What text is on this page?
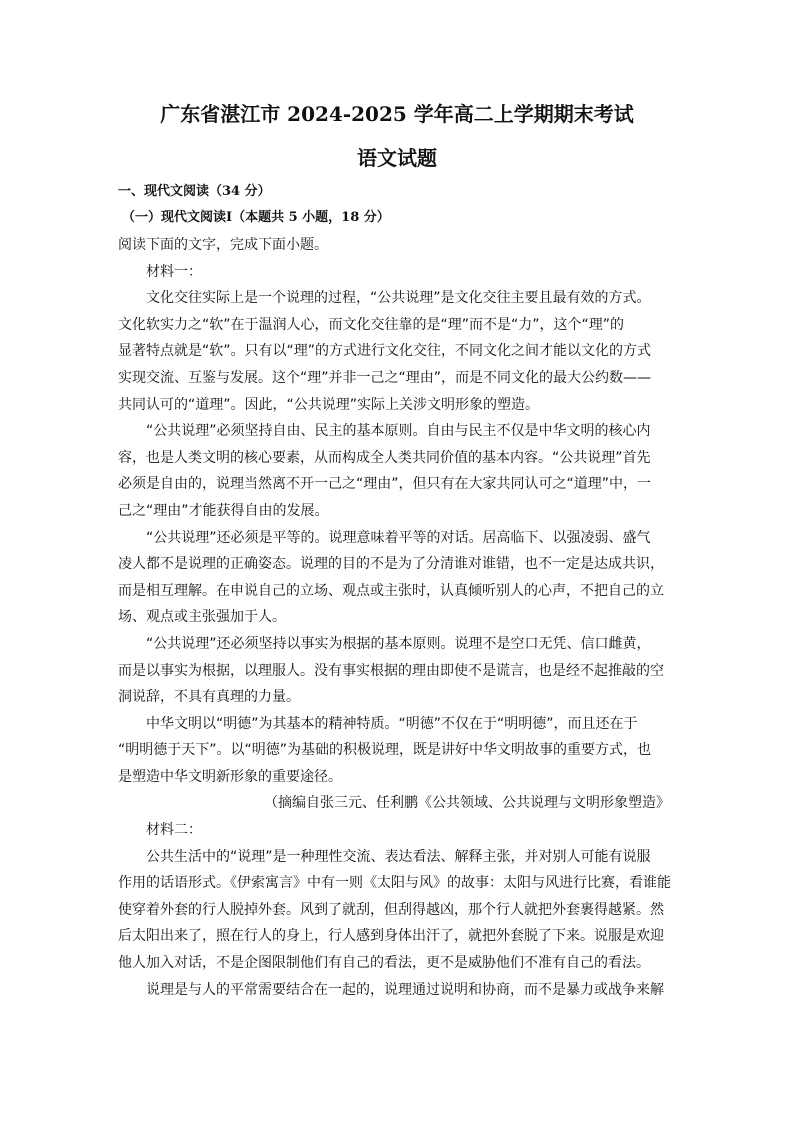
广东省湛江市 2024-2025 学年高二上学期期末考试
语文试题
一、现代文阅读（34 分）
（一）现代文阅读Ⅰ（本题共 5 小题，18 分）
阅读下面的文字，完成下面小题。
材料一：
文化交往实际上是一个说理的过程，“公共说理”是文化交往主要且最有效的方式。
文化软实力之“软”在于温润人心，而文化交往靠的是“理”而不是“力”，这个“理”的
显著特点就是“软”。只有以“理”的方式进行文化交往，不同文化之间才能以文化的方式
实现交流、互鉴与发展。这个“理”并非一己之“理由”，而是不同文化的最大公约数——
共同认可的“道理”。因此，“公共说理”实际上关涉文明形象的塑造。
“公共说理”必须坚持自由、民主的基本原则。自由与民主不仅是中华文明的核心内
容，也是人类文明的核心要素，从而构成全人类共同价值的基本内容。“公共说理”首先
必须是自由的，说理当然离不开一己之“理由”，但只有在大家共同认可之“道理”中，一
己之“理由”才能获得自由的发展。
“公共说理”还必须是平等的。说理意味着平等的对话。居高临下、以强凌弱、盛气
凌人都不是说理的正确姿态。说理的目的不是为了分清谁对谁错，也不一定是达成共识，
而是相互理解。在申说自己的立场、观点或主张时，认真倾听别人的心声，不把自己的立
场、观点或主张强加于人。
“公共说理”还必须坚持以事实为根据的基本原则。说理不是空口无凭、信口雌黄，
而是以事实为根据，以理服人。没有事实根据的理由即使不是谎言，也是经不起推敲的空
洞说辞，不具有真理的力量。
中华文明以“明德”为其基本的精神特质。“明德”不仅在于“明明德”，而且还在于
“明明德于天下”。以“明德”为基础的积极说理，既是讲好中华文明故事的重要方式，也
是塑造中华文明新形象的重要途径。
（摘编自张三元、任利鹏《公共领域、公共说理与文明形象塑造》
材料二：
公共生活中的“说理”是一种理性交流、表达看法、解释主张，并对别人可能有说服
作用的话语形式。《伊索寓言》中有一则《太阳与风》的故事：太阳与风进行比赛，看谁能
使穿着外套的行人脱掉外套。风到了就刮，但刮得越凶，那个行人就把外套裹得越紧。然
后太阳出来了，照在行人的身上，行人感到身体出汗了，就把外套脱了下来。说服是欢迎
他人加入对话，不是企图限制他们有自己的看法，更不是威胁他们不准有自己的看法。
说理是与人的平常需要结合在一起的，说理通过说明和协商，而不是暴力或战争来解
